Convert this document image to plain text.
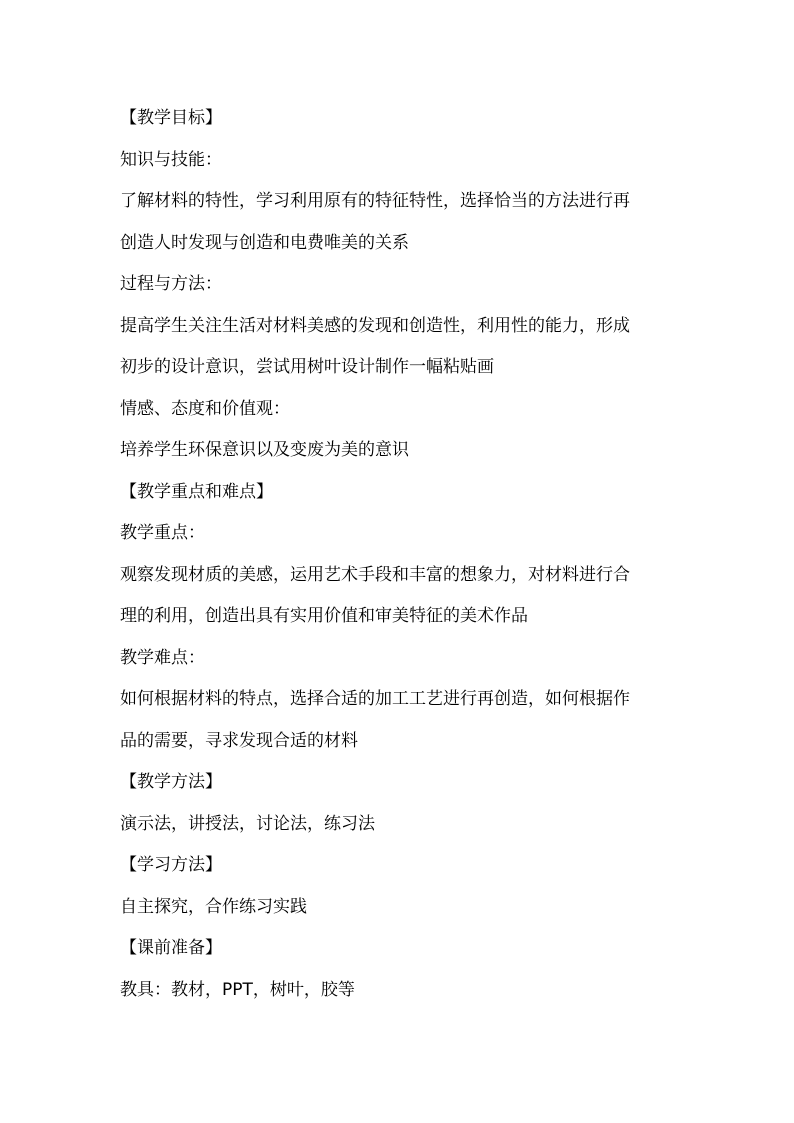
【教学目标】
知识与技能：
了解材料的特性，学习利用原有的特征特性，选择恰当的方法进行再
创造人时发现与创造和电费唯美的关系
过程与方法：
提高学生关注生活对材料美感的发现和创造性，利用性的能力，形成
初步的设计意识，尝试用树叶设计制作一幅粘贴画
情感、态度和价值观：
培养学生环保意识以及变废为美的意识
【教学重点和难点】
教学重点：
观察发现材质的美感，运用艺术手段和丰富的想象力，对材料进行合
理的利用，创造出具有实用价值和审美特征的美术作品
教学难点：
如何根据材料的特点，选择合适的加工工艺进行再创造，如何根据作
品的需要，寻求发现合适的材料
【教学方法】
演示法，讲授法，讨论法，练习法
【学习方法】
自主探究，合作练习实践
【课前准备】
教具：教材，PPT，树叶，胶等
